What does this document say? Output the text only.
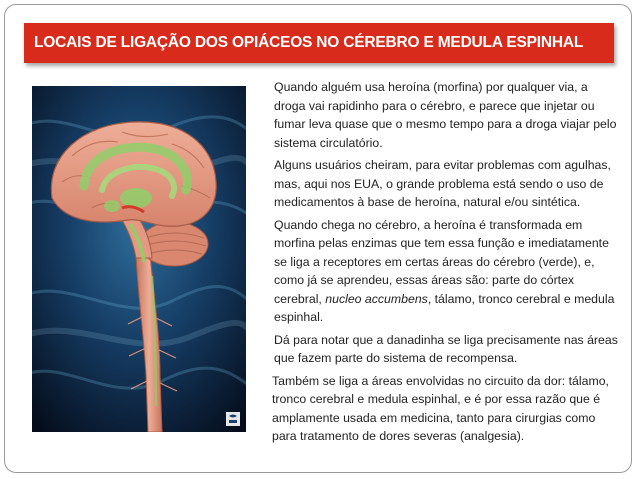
LOCAIS DE LIGAÇÃO DOS OPIÁCEOS NO CÉREBRO E MEDULA ESPINHAL

Quando alguém usa heroína (morfina) por qualquer via, a droga vai rapidinho para o cérebro, e parece que injetar ou fumar leva quase que o mesmo tempo para a droga viajar pelo sistema circulatório.

Alguns usuários cheiram, para evitar problemas com agulhas, mas, aqui nos EUA, o grande problema está sendo o uso de medicamentos à base de heroína, natural e/ou sintética.

Quando chega no cérebro, a heroína é transformada em morfina pelas enzimas que tem essa função e imediatamente se liga a receptores em certas áreas do cérebro (verde), e, como já se aprendeu, essas áreas são: parte do córtex cerebral, nucleo accumbens, tálamo, tronco cerebral e medula espinhal.

Dá para notar que a danadinha se liga precisamente nas áreas que fazem parte do sistema de recompensa.

Também se liga a áreas envolvidas no circuito da dor: tálamo, tronco cerebral e medula espinhal, e é por essa razão que é amplamente usada em medicina, tanto para cirurgias como para tratamento de dores severas (analgesia).
